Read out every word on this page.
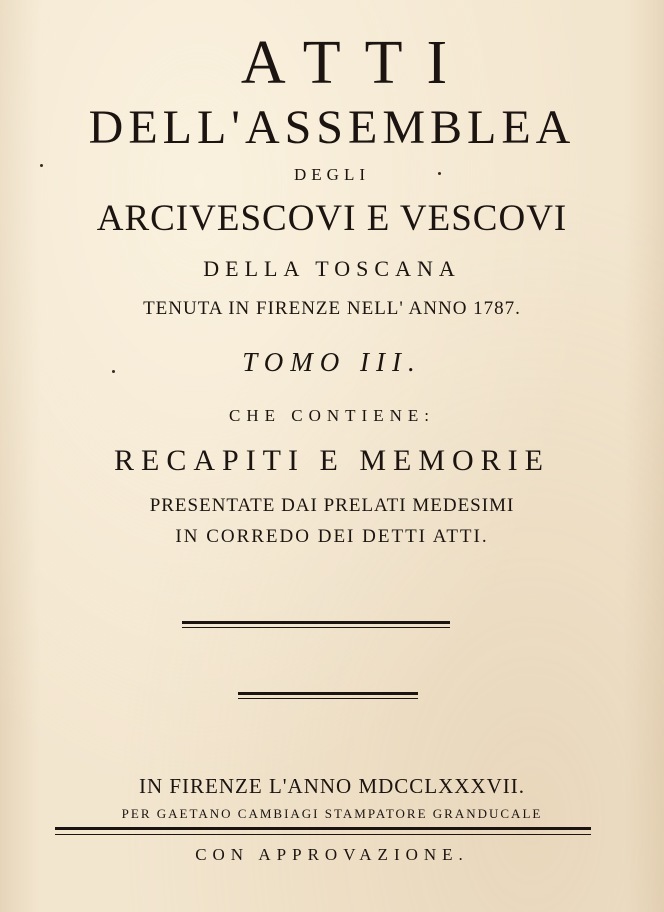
ATTI
DELL'ASSEMBLEA
DEGLI
ARCIVESCOVI E VESCOVI
DELLA TOSCANA
TENUTA IN FIRENZE NELL' ANNO 1787.
TOMO III.
CHE CONTIENE:
RECAPITI E MEMORIE
PRESENTATE DAI PRELATI MEDESIMI
IN CORREDO DEI DETTI ATTI.
IN FIRENZE L'ANNO MDCCLXXXVII.
PER GAETANO CAMBIAGI STAMPATORE GRANDUCALE
CON APPROVAZIONE.
